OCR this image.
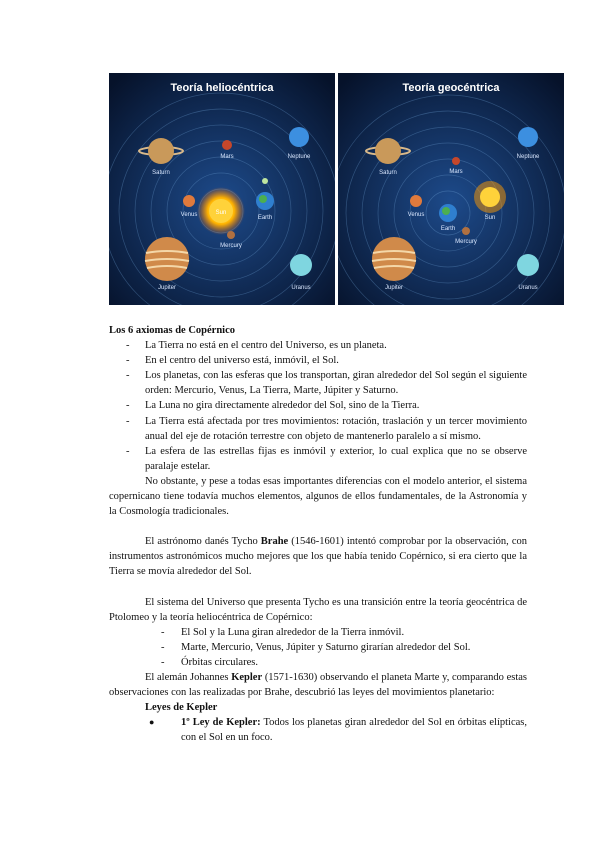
Teoría heliocéntrica
Sun
Saturn
Mars	Neptune
Venus	Earth
Mercury
Jupiter	Uranus
Teoría geocéntrica
Earth
Sun
Saturn	Mars
Neptune
Venus
Mercury
Jupiter	Uranus

Los 6 axiomas de Copérnico

- La Tierra no está en el centro del Universo, es un planeta.
- En el centro del universo está, inmóvil, el Sol.
- Los planetas, con las esferas que los transportan, giran alrededor del Sol según el siguiente orden: Mercurio, Venus, La Tierra, Marte, Júpiter y Saturno.
- La Luna no gira directamente alrededor del Sol, sino de la Tierra.
- La Tierra está afectada por tres movimientos: rotación, traslación y un tercer movimiento anual del eje de rotación terrestre con objeto de mantenerlo paralelo a sí mismo.
- La esfera de las estrellas fijas es inmóvil y exterior, lo cual explica que no se observe paralaje estelar.

No obstante, y pese a todas esas importantes diferencias con el modelo anterior, el sistema copernicano tiene todavía muchos elementos, algunos de ellos fundamentales, de la Astronomía y la Cosmología tradicionales.

El astrónomo danés Tycho Brahe (1546-1601) intentó comprobar por la observación, con instrumentos astronómicos mucho mejores que los que había tenido Copérnico, si era cierto que la Tierra se movía alrededor del Sol.

El sistema del Universo que presenta Tycho es una transición entre la teoría geocéntrica de Ptolomeo y la teoría heliocéntrica de Copérnico:

- El Sol y la Luna giran alrededor de la Tierra inmóvil.
- Marte, Mercurio, Venus, Júpiter y Saturno girarían alrededor del Sol.
- Órbitas circulares.

El alemán Johannes Kepler (1571-1630) observando el planeta Marte y, comparando estas observaciones con las realizadas por Brahe, descubrió las leyes del movimientos planetario:

Leyes de Kepler

● 1º Ley de Kepler: Todos los planetas giran alrededor del Sol en órbitas elípticas, con el Sol en un foco.
